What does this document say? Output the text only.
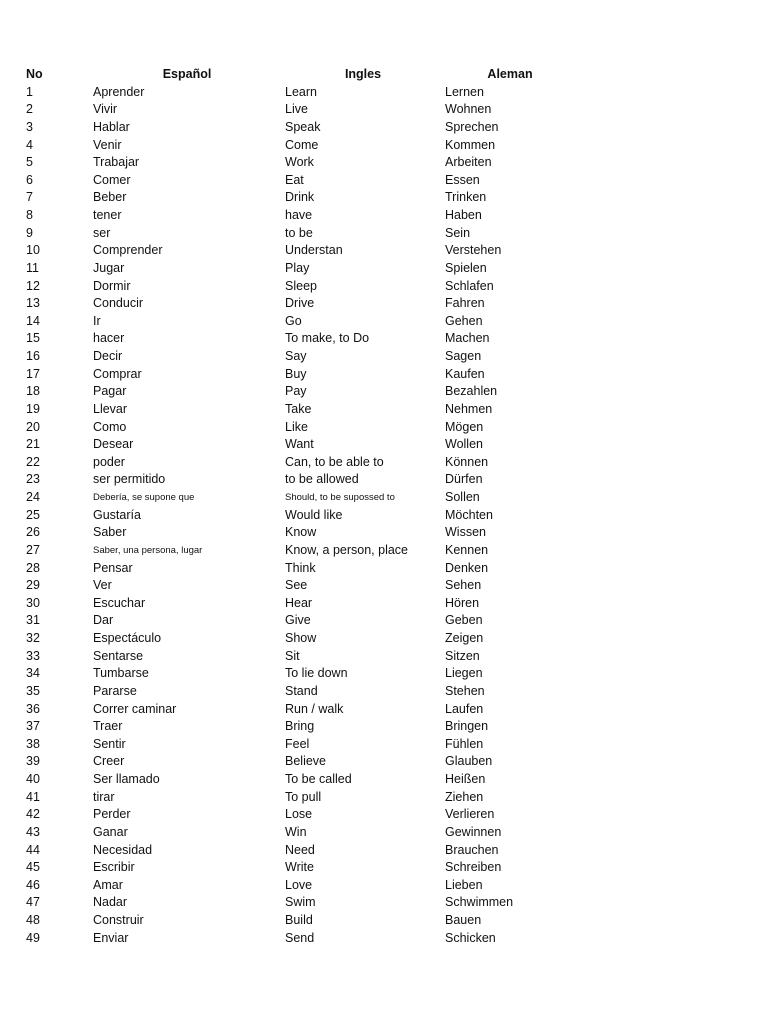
No	Español	Ingles	Aleman
1	Aprender	Learn	Lernen
2	Vivir	Live	Wohnen
3	Hablar	Speak	Sprechen
4	Venir	Come	Kommen
5	Trabajar	Work	Arbeiten
6	Comer	Eat	Essen
7	Beber	Drink	Trinken
8	tener	have	Haben
9	ser	to be	Sein
10	Comprender	Understan	Verstehen
11	Jugar	Play	Spielen
12	Dormir	Sleep	Schlafen
13	Conducir	Drive	Fahren
14	Ir	Go	Gehen
15	hacer	To make, to Do	Machen
16	Decir	Say	Sagen
17	Comprar	Buy	Kaufen
18	Pagar	Pay	Bezahlen
19	Llevar	Take	Nehmen
20	Como	Like	Mögen
21	Desear	Want	Wollen
22	poder	Can, to be able to	Können
23	ser permitido	to be allowed	Dürfen
24	Debería, se supone que	Should, to be supossed to	Sollen
25	Gustaría	Would like	Möchten
26	Saber	Know	Wissen
27	Saber, una persona, lugar	Know, a person, place	Kennen
28	Pensar	Think	Denken
29	Ver	See	Sehen
30	Escuchar	Hear	Hören
31	Dar	Give	Geben
32	Espectáculo	Show	Zeigen
33	Sentarse	Sit	Sitzen
34	Tumbarse	To lie down	Liegen
35	Pararse	Stand	Stehen
36	Correr caminar	Run / walk	Laufen
37	Traer	Bring	Bringen
38	Sentir	Feel	Fühlen
39	Creer	Believe	Glauben
40	Ser llamado	To be called	Heißen
41	tirar	To pull	Ziehen
42	Perder	Lose	Verlieren
43	Ganar	Win	Gewinnen
44	Necesidad	Need	Brauchen
45	Escribir	Write	Schreiben
46	Amar	Love	Lieben
47	Nadar	Swim	Schwimmen
48	Construir	Build	Bauen
49	Enviar	Send	Schicken
